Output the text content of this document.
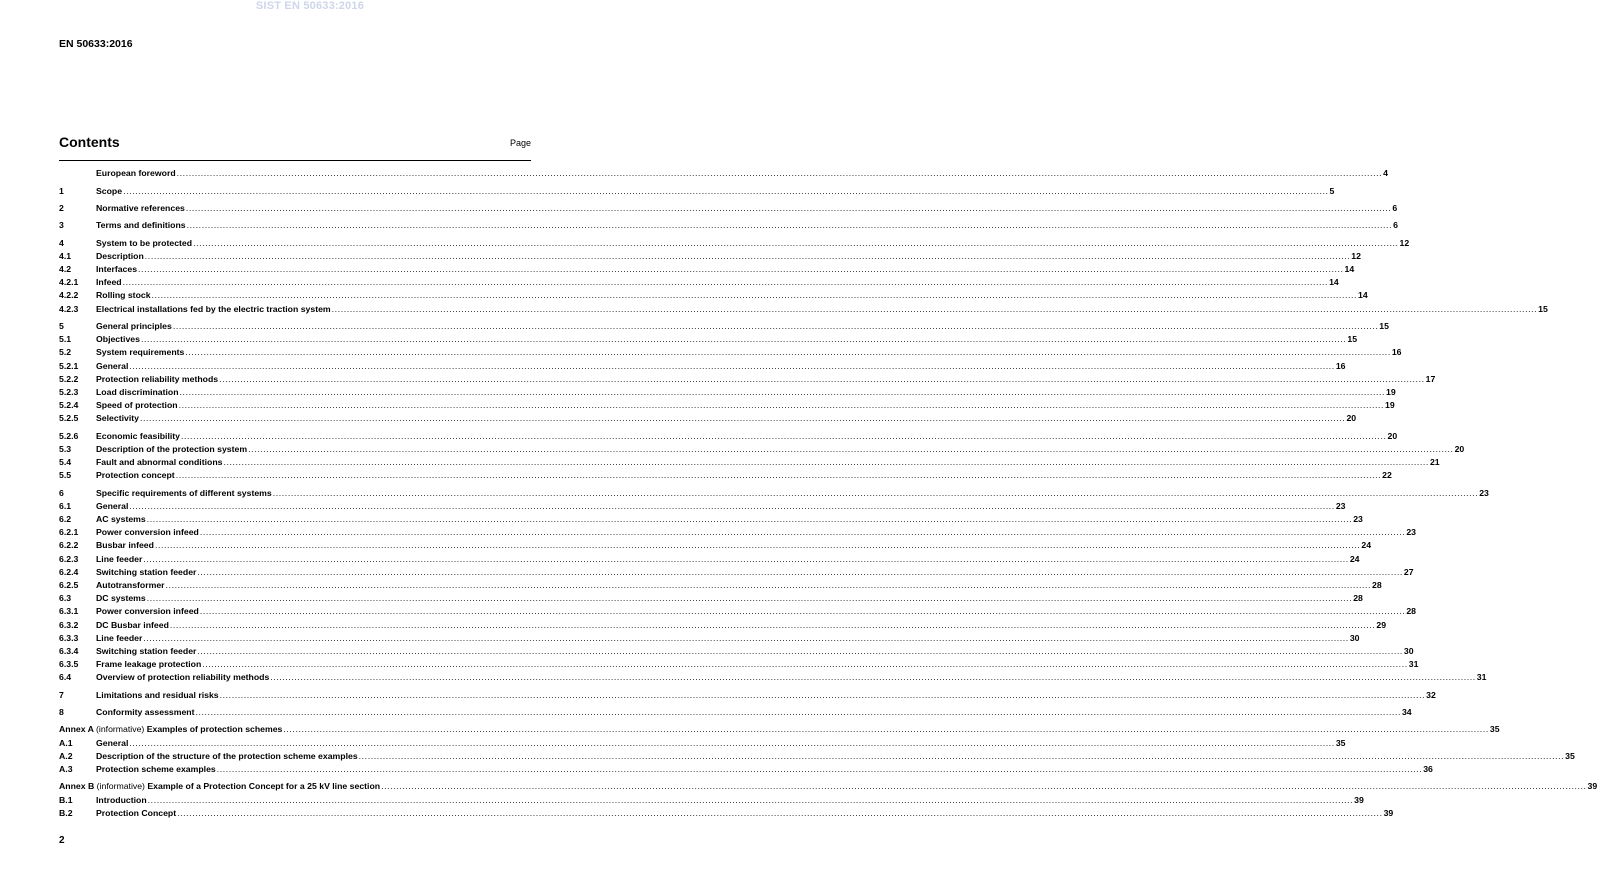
SIST EN 50633:2016
EN 50633:2016
Contents	Page
European foreword ................................................................................................................................................................................................................................................................................................................................................................................................................ 4
1	Scope ................................................................................................................................................................................................................................................................................................................................................................................................................ 5
2	Normative references ................................................................................................................................................................................................................................................................................................................................................................................................................ 6
3	Terms and definitions ................................................................................................................................................................................................................................................................................................................................................................................................................ 6
4	System to be protected ................................................................................................................................................................................................................................................................................................................................................................................................................ 12
4.1	Description ................................................................................................................................................................................................................................................................................................................................................................................................................ 12
4.2	Interfaces ................................................................................................................................................................................................................................................................................................................................................................................................................ 14
4.2.1	Infeed ................................................................................................................................................................................................................................................................................................................................................................................................................ 14
4.2.2	Rolling stock ................................................................................................................................................................................................................................................................................................................................................................................................................ 14
4.2.3	Electrical installations fed by the electric traction system ................................................................................................................................................................................................................................................................................................................................................................................................................ 15
5	General principles ................................................................................................................................................................................................................................................................................................................................................................................................................ 15
5.1	Objectives ................................................................................................................................................................................................................................................................................................................................................................................................................ 15
5.2	System requirements ................................................................................................................................................................................................................................................................................................................................................................................................................ 16
5.2.1	General ................................................................................................................................................................................................................................................................................................................................................................................................................ 16
5.2.2	Protection reliability methods ................................................................................................................................................................................................................................................................................................................................................................................................................ 17
5.2.3	Load discrimination ................................................................................................................................................................................................................................................................................................................................................................................................................ 19
5.2.4	Speed of protection ................................................................................................................................................................................................................................................................................................................................................................................................................ 19
5.2.5	Selectivity ................................................................................................................................................................................................................................................................................................................................................................................................................ 20
5.2.6	Economic feasibility ................................................................................................................................................................................................................................................................................................................................................................................................................ 20
5.3	Description of the protection system ................................................................................................................................................................................................................................................................................................................................................................................................................ 20
5.4	Fault and abnormal conditions ................................................................................................................................................................................................................................................................................................................................................................................................................ 21
5.5	Protection concept ................................................................................................................................................................................................................................................................................................................................................................................................................ 22
6	Specific requirements of different systems ................................................................................................................................................................................................................................................................................................................................................................................................................ 23
6.1	General ................................................................................................................................................................................................................................................................................................................................................................................................................ 23
6.2	AC systems ................................................................................................................................................................................................................................................................................................................................................................................................................ 23
6.2.1	Power conversion infeed ................................................................................................................................................................................................................................................................................................................................................................................................................ 23
6.2.2	Busbar infeed ................................................................................................................................................................................................................................................................................................................................................................................................................ 24
6.2.3	Line feeder ................................................................................................................................................................................................................................................................................................................................................................................................................ 24
6.2.4	Switching station feeder ................................................................................................................................................................................................................................................................................................................................................................................................................ 27
6.2.5	Autotransformer ................................................................................................................................................................................................................................................................................................................................................................................................................ 28
6.3	DC systems ................................................................................................................................................................................................................................................................................................................................................................................................................ 28
6.3.1	Power conversion infeed ................................................................................................................................................................................................................................................................................................................................................................................................................ 28
6.3.2	DC Busbar infeed ................................................................................................................................................................................................................................................................................................................................................................................................................ 29
6.3.3	Line feeder ................................................................................................................................................................................................................................................................................................................................................................................................................ 30
6.3.4	Switching station feeder ................................................................................................................................................................................................................................................................................................................................................................................................................ 30
6.3.5	Frame leakage protection ................................................................................................................................................................................................................................................................................................................................................................................................................ 31
6.4	Overview of protection reliability methods ................................................................................................................................................................................................................................................................................................................................................................................................................ 31
7	Limitations and residual risks ................................................................................................................................................................................................................................................................................................................................................................................................................ 32
8	Conformity assessment ................................................................................................................................................................................................................................................................................................................................................................................................................ 34
Annex A (informative) Examples of protection schemes ................................................................................................................................................................................................................................................................................................................................................................................................................ 35
A.1	General ................................................................................................................................................................................................................................................................................................................................................................................................................ 35
A.2	Description of the structure of the protection scheme examples ................................................................................................................................................................................................................................................................................................................................................................................................................ 35
A.3	Protection scheme examples ................................................................................................................................................................................................................................................................................................................................................................................................................ 36
Annex B (informative) Example of a Protection Concept for a 25 kV line section ................................................................................................................................................................................................................................................................................................................................................................................................................ 39
B.1	Introduction ................................................................................................................................................................................................................................................................................................................................................................................................................ 39
B.2	Protection Concept ................................................................................................................................................................................................................................................................................................................................................................................................................ 39
2
